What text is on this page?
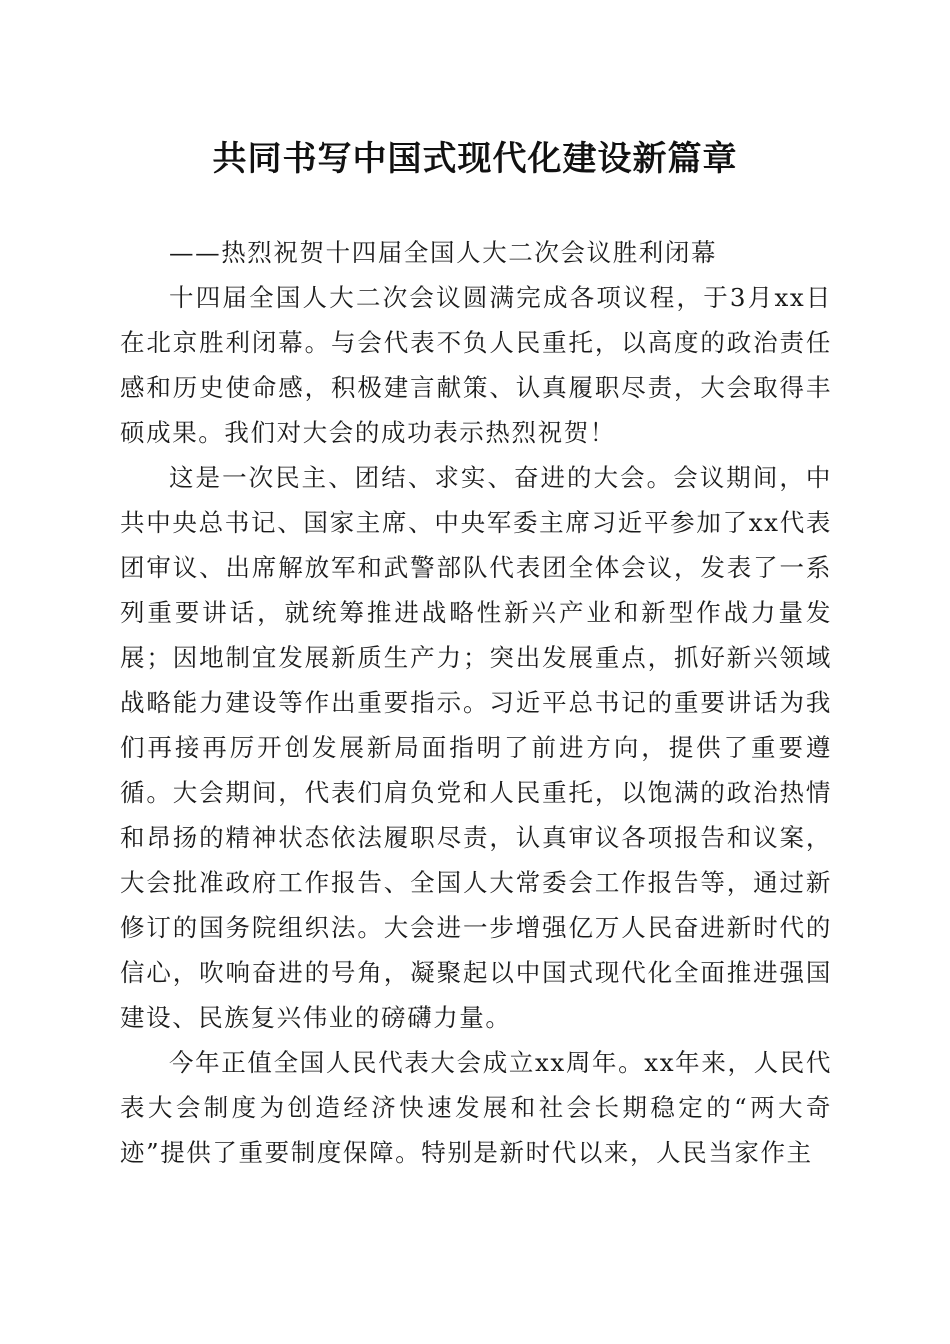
共同书写中国式现代化建设新篇章

——热烈祝贺十四届全国人大二次会议胜利闭幕

十四届全国人大二次会议圆满完成各项议程，于3月xx日在北京胜利闭幕。与会代表不负人民重托，以高度的政治责任感和历史使命感，积极建言献策、认真履职尽责，大会取得丰硕成果。我们对大会的成功表示热烈祝贺！

这是一次民主、团结、求实、奋进的大会。会议期间，中共中央总书记、国家主席、中央军委主席习近平参加了xx代表团审议、出席解放军和武警部队代表团全体会议，发表了一系列重要讲话，就统筹推进战略性新兴产业和新型作战力量发展；因地制宜发展新质生产力；突出发展重点，抓好新兴领域战略能力建设等作出重要指示。习近平总书记的重要讲话为我们再接再厉开创发展新局面指明了前进方向，提供了重要遵循。大会期间，代表们肩负党和人民重托，以饱满的政治热情和昂扬的精神状态依法履职尽责，认真审议各项报告和议案，大会批准政府工作报告、全国人大常委会工作报告等，通过新修订的国务院组织法。大会进一步增强亿万人民奋进新时代的信心，吹响奋进的号角，凝聚起以中国式现代化全面推进强国建设、民族复兴伟业的磅礴力量。

今年正值全国人民代表大会成立xx周年。xx年来，人民代表大会制度为创造经济快速发展和社会长期稳定的“两大奇迹”提供了重要制度保障。特别是新时代以来，人民当家作主
